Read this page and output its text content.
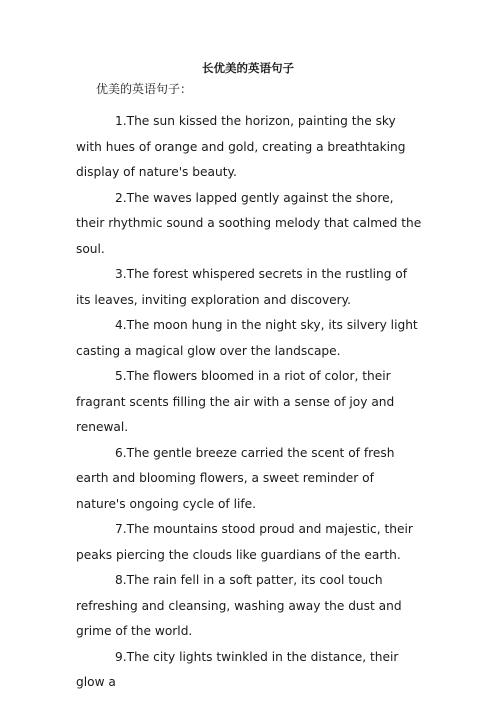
长优美的英语句子
优美的英语句子：

1.The sun kissed the horizon, painting the sky with hues of orange and gold, creating a breathtaking display of nature's beauty.

2.The waves lapped gently against the shore, their rhythmic sound a soothing melody that calmed the soul.

3.The forest whispered secrets in the rustling of its leaves, inviting exploration and discovery.

4.The moon hung in the night sky, its silvery light casting a magical glow over the landscape.

5.The flowers bloomed in a riot of color, their fragrant scents filling the air with a sense of joy and renewal.

6.The gentle breeze carried the scent of fresh earth and blooming flowers, a sweet reminder of nature's ongoing cycle of life.

7.The mountains stood proud and majestic, their peaks piercing the clouds like guardians of the earth.

8.The rain fell in a soft patter, its cool touch refreshing and cleansing, washing away the dust and grime of the world.

9.The city lights twinkled in the distance, their glow a
